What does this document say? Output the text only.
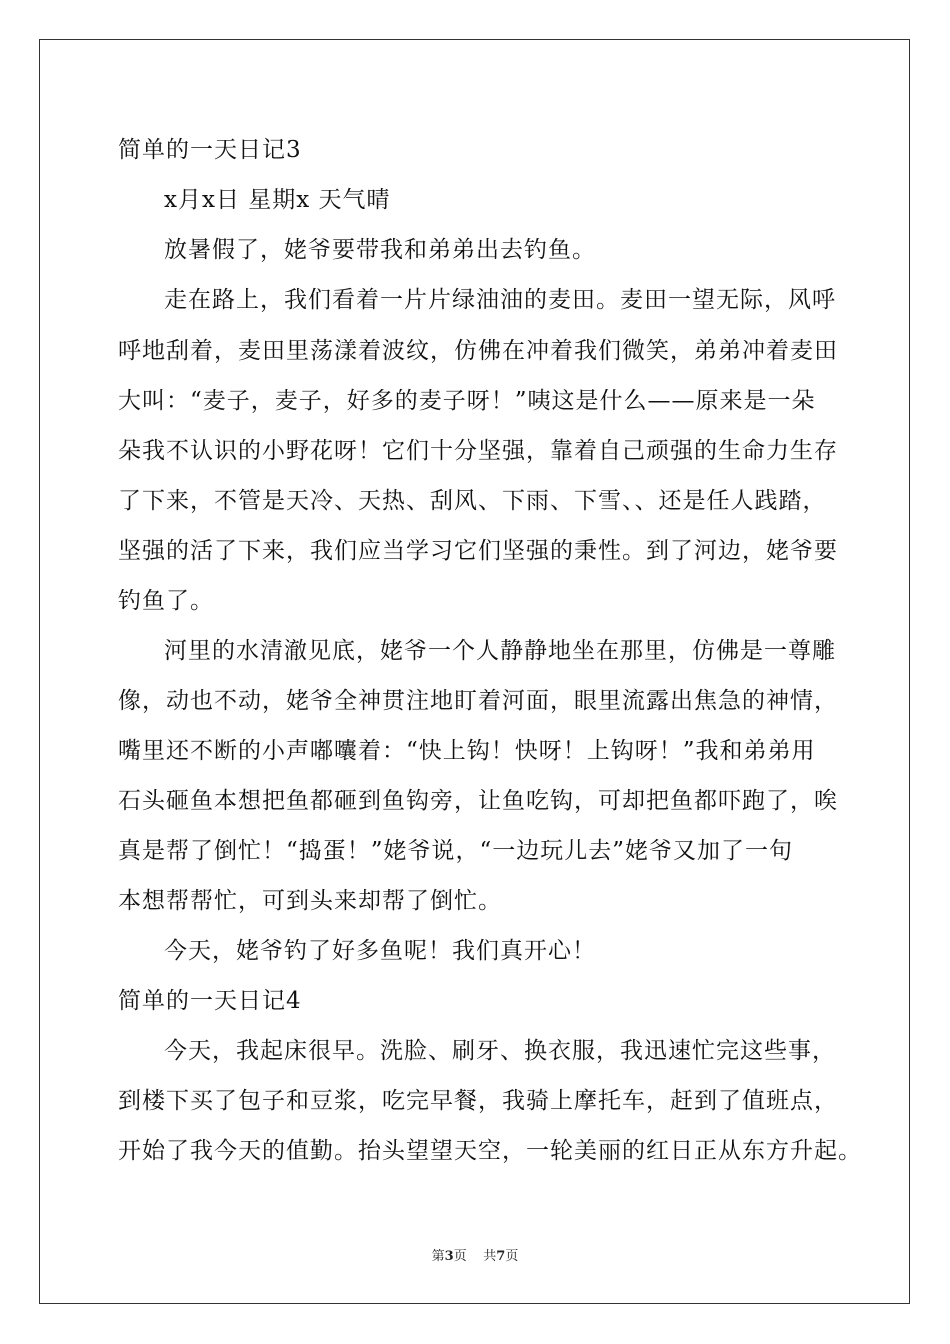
简单的一天日记3
x月x日 星期x 天气晴
放暑假了，姥爷要带我和弟弟出去钓鱼。
走在路上，我们看着一片片绿油油的麦田。麦田一望无际，风呼
呼地刮着，麦田里荡漾着波纹，仿佛在冲着我们微笑，弟弟冲着麦田
大叫：“麦子，麦子，好多的麦子呀！”咦这是什么——原来是一朵
朵我不认识的小野花呀！它们十分坚强，靠着自己顽强的生命力生存
了下来，不管是天冷、天热、刮风、下雨、下雪、、还是任人践踏，
坚强的活了下来，我们应当学习它们坚强的秉性。到了河边，姥爷要
钓鱼了。
河里的水清澈见底，姥爷一个人静静地坐在那里，仿佛是一尊雕
像，动也不动，姥爷全神贯注地盯着河面，眼里流露出焦急的神情，
嘴里还不断的小声嘟囔着：“快上钩！快呀！上钩呀！”我和弟弟用
石头砸鱼本想把鱼都砸到鱼钩旁，让鱼吃钩，可却把鱼都吓跑了，唉
真是帮了倒忙！“捣蛋！”姥爷说，“一边玩儿去”姥爷又加了一句
本想帮帮忙，可到头来却帮了倒忙。
今天，姥爷钓了好多鱼呢！我们真开心！
简单的一天日记4
今天，我起床很早。洗脸、刷牙、换衣服，我迅速忙完这些事，
到楼下买了包子和豆浆，吃完早餐，我骑上摩托车，赶到了值班点，
开始了我今天的值勤。抬头望望天空，一轮美丽的红日正从东方升起。
第3页 共7页
